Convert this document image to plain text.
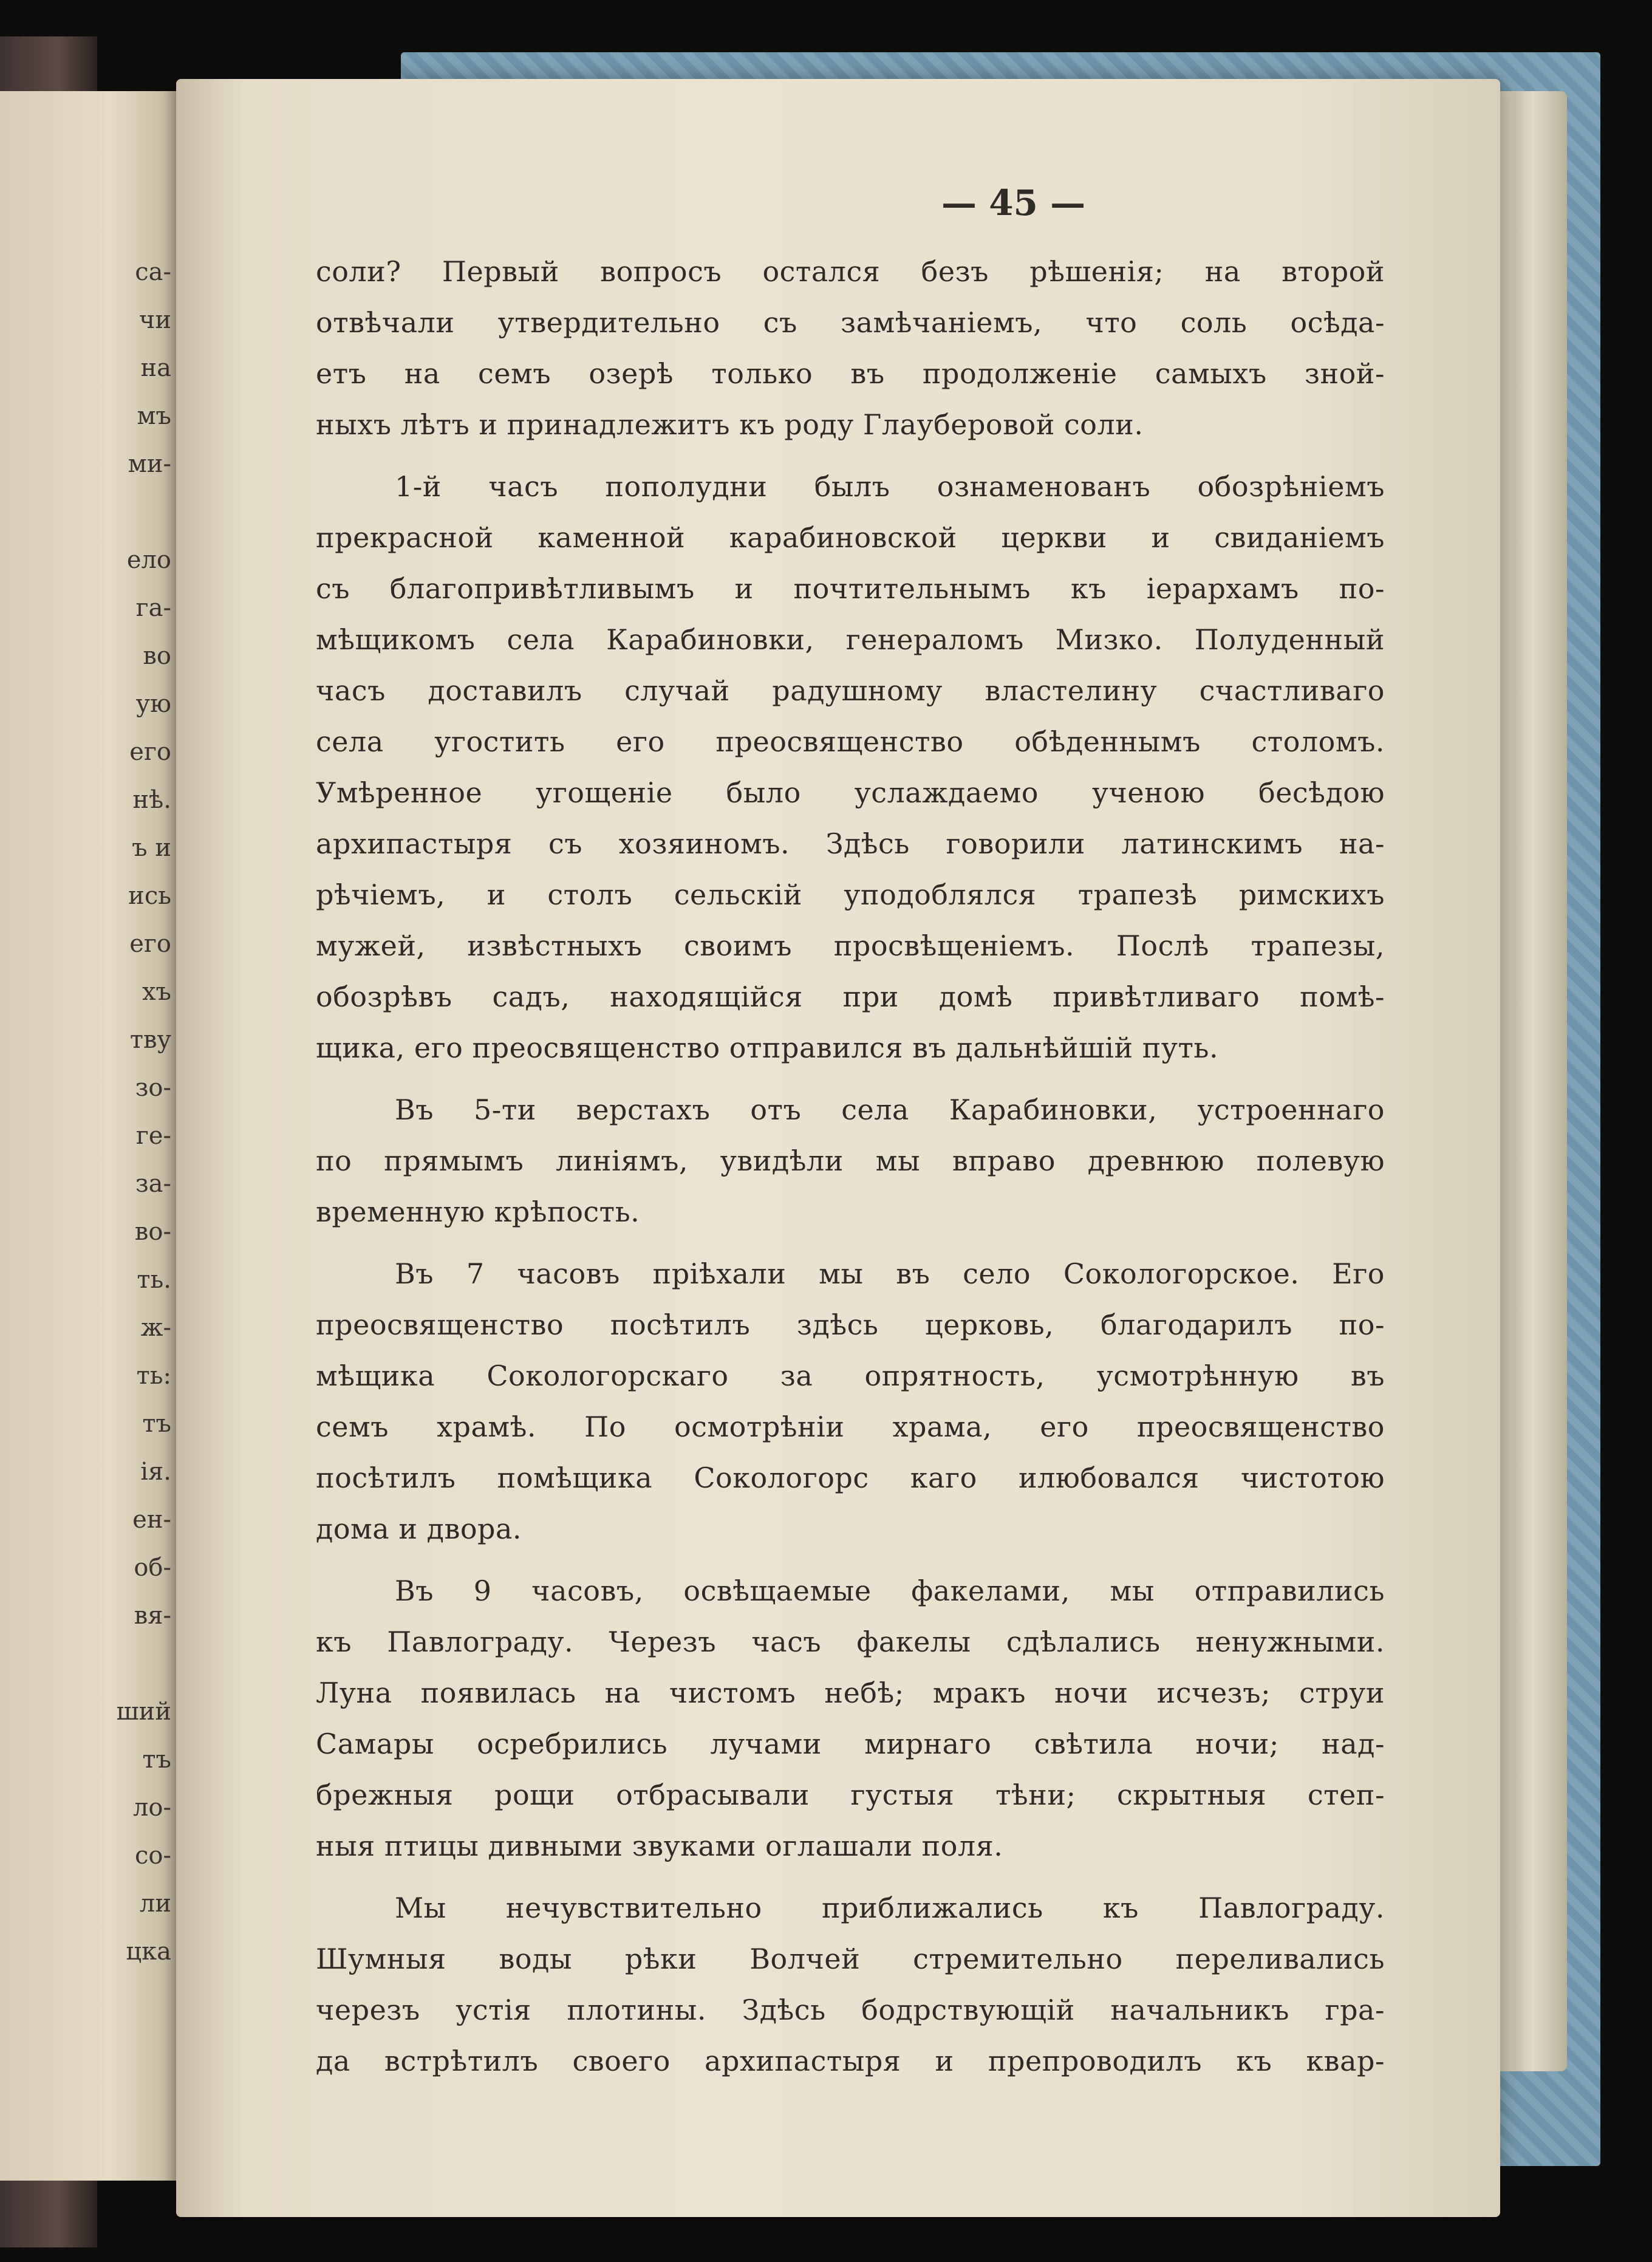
са-
чи
на
мъ
ми-
ело
га-
во
ую
его
нѣ.
ъ и
ись
его
хъ
тву
зо-
ге-
за-
во-
ть.
ж-
ть:
тъ
ія.
ен-
об-
вя-
ший
тъ
ло-
со-
ли
цка
— 45 —
соли? Первый вопросъ остался безъ рѣшенія; на второй
отвѣчали утвердительно съ замѣчаніемъ, что соль осѣда-
етъ на семъ озерѣ только въ продолженіе самыхъ зной-
ныхъ лѣтъ и принадлежитъ къ роду Глауберовой соли.
1-й часъ пополудни былъ ознаменованъ обозрѣніемъ
прекрасной каменной карабиновской церкви и свиданіемъ
съ благопривѣтливымъ и почтительнымъ къ іерархамъ по-
мѣщикомъ села Карабиновки, генераломъ Мизко. Полуденный
часъ доставилъ случай радушному властелину счастливаго
села угостить его преосвященство обѣденнымъ столомъ.
Умѣренное угощеніе было услаждаемо ученою бесѣдою
архипастыря съ хозяиномъ. Здѣсь говорили латинскимъ на-
рѣчіемъ, и столъ сельскій уподоблялся трапезѣ римскихъ
мужей, извѣстныхъ своимъ просвѣщеніемъ. Послѣ трапезы,
обозрѣвъ садъ, находящійся при домѣ привѣтливаго помѣ-
щика, его преосвященство отправился въ дальнѣйшій путь.
Въ 5-ти верстахъ отъ села Карабиновки, устроеннаго
по прямымъ линіямъ, увидѣли мы вправо древнюю полевую
временную крѣпость.
Въ 7 часовъ пріѣхали мы въ село Сокологорское. Его
преосвященство посѣтилъ здѣсь церковь, благодарилъ по-
мѣщика Сокологорскаго за опрятность, усмотрѣнную въ
семъ храмѣ. По осмотрѣніи храма, его преосвященство
посѣтилъ помѣщика Сокологорс каго илюбовался чистотою
дома и двора.
Въ 9 часовъ, освѣщаемые факелами, мы отправились
къ Павлограду. Черезъ часъ факелы сдѣлались ненужными.
Луна появилась на чистомъ небѣ; мракъ ночи исчезъ; струи
Самары осребрились лучами мирнаго свѣтила ночи; над-
брежныя рощи отбрасывали густыя тѣни; скрытныя степ-
ныя птицы дивными звуками оглашали поля.
Мы нечувствительно приближались къ Павлограду.
Шумныя воды рѣки Волчей стремительно переливались
черезъ устія плотины. Здѣсь бодрствующій начальникъ гра-
да встрѣтилъ своего архипастыря и препроводилъ къ квар-
